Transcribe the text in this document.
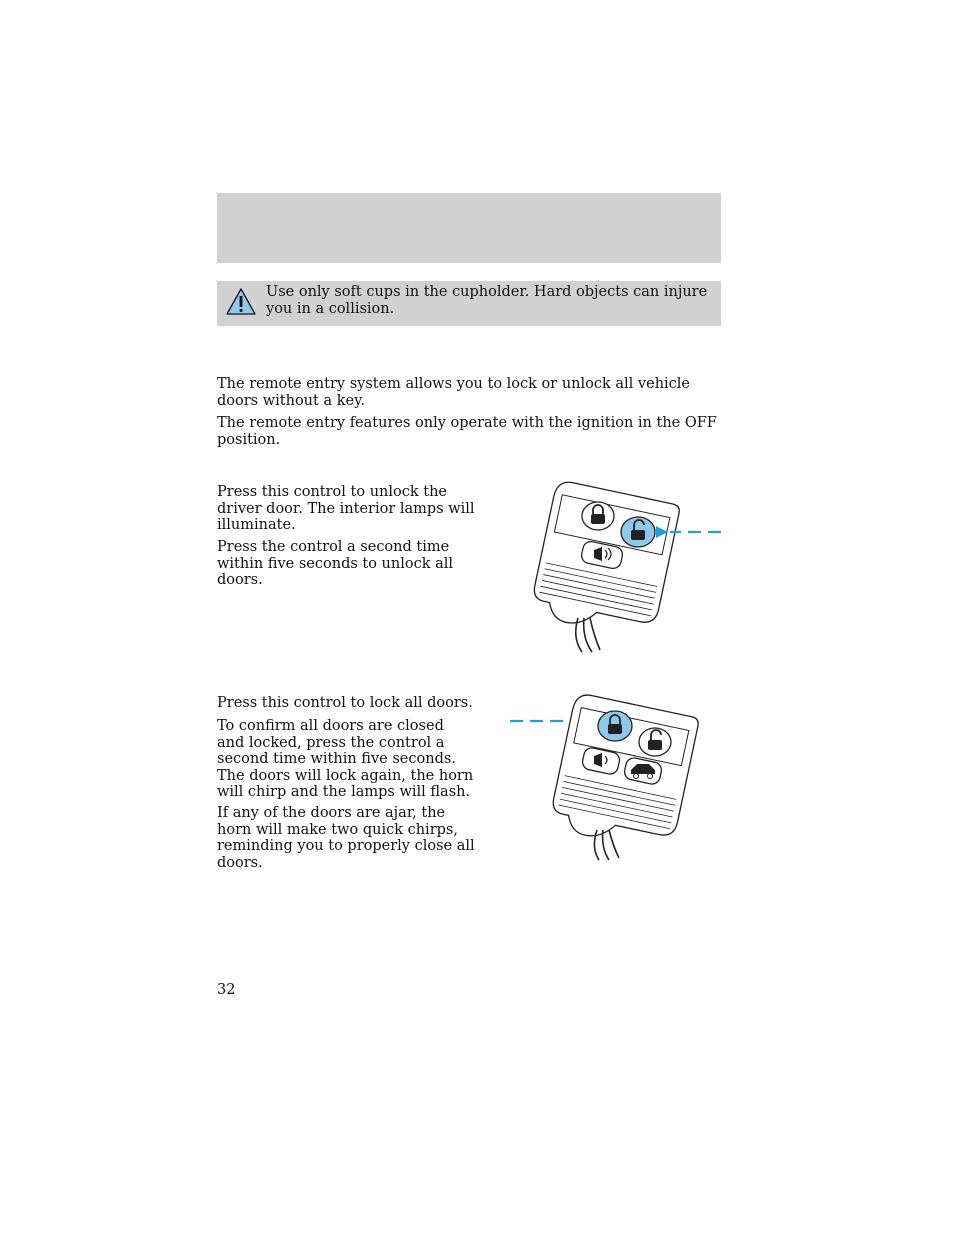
Use only soft cups in the cupholder. Hard objects can injure you in a collision.

The remote entry system allows you to lock or unlock all vehicle doors without a key.

The remote entry features only operate with the ignition in the OFF position.

Press this control to unlock the driver door. The interior lamps will illuminate.

Press the control a second time within five seconds to unlock all doors.

Press this control to lock all doors.

To confirm all doors are closed and locked, press the control a second time within five seconds. The doors will lock again, the horn will chirp and the lamps will flash.

If any of the doors are ajar, the horn will make two quick chirps, reminding you to properly close all doors.

32
